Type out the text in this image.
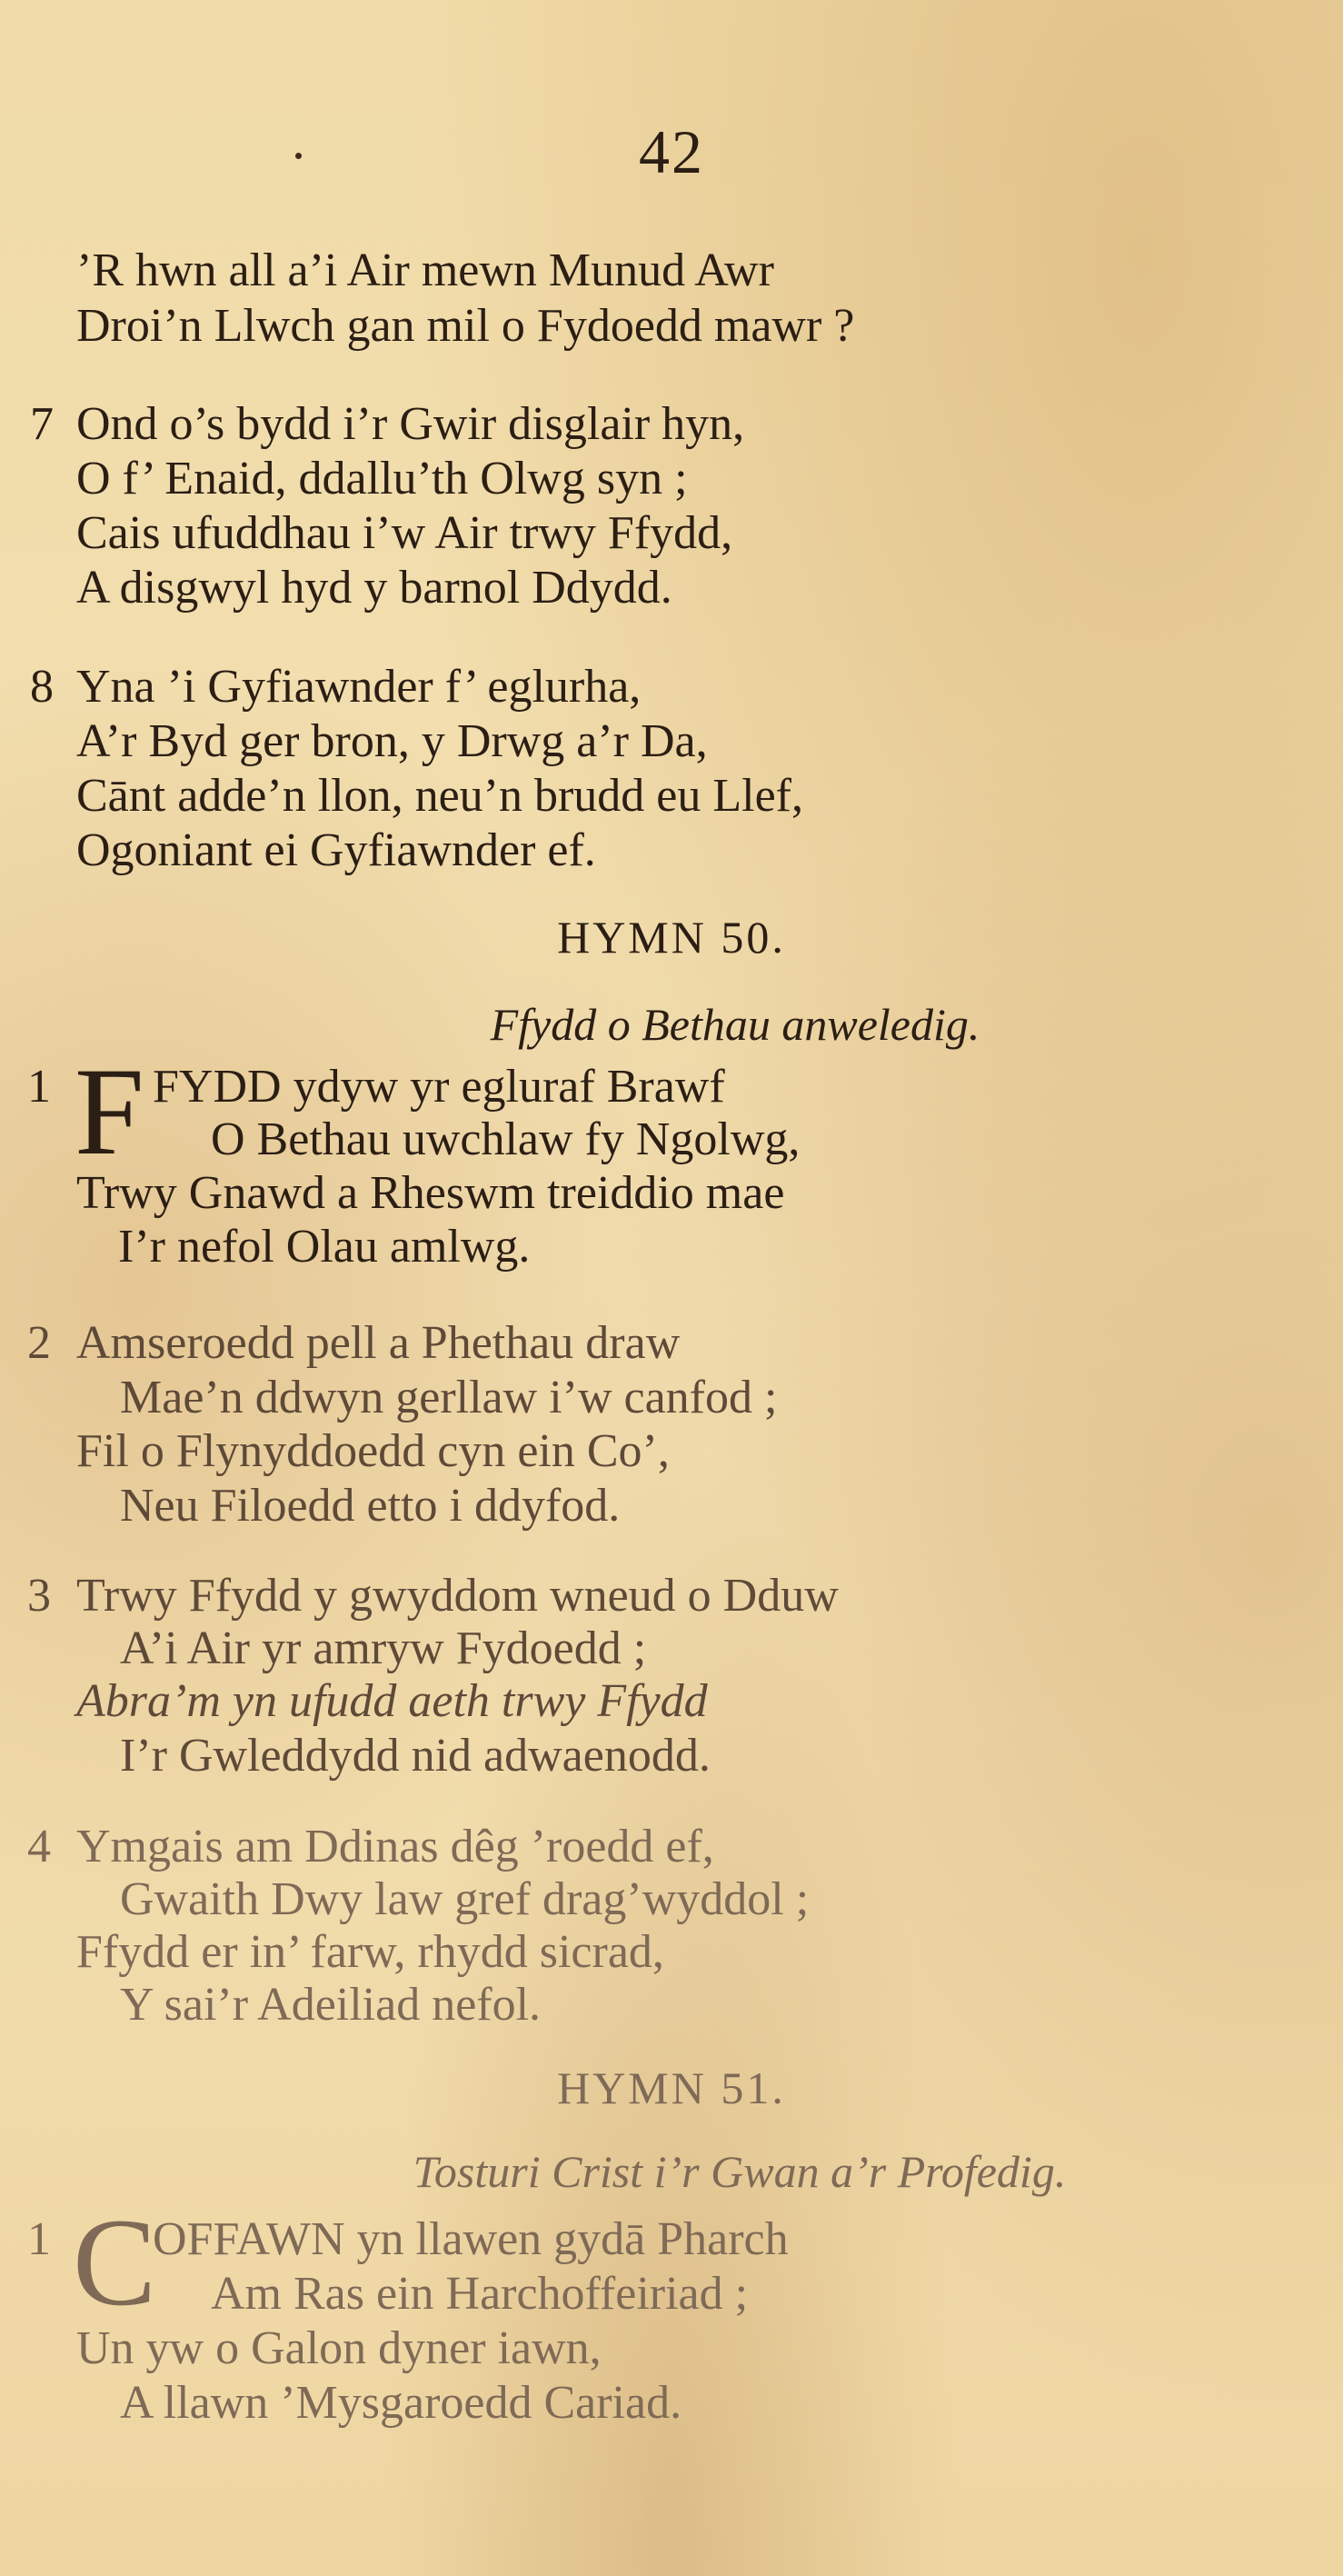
42
’R hwn all a’i Air mewn Munud Awr
Droi’n Llwch gan mil o Fydoedd mawr ?
7 Ond o’s bydd i’r Gwir disglair hyn,
O f’ Enaid, ddallu’th Olwg syn ;
Cais ufuddhau i’w Air trwy Ffydd,
A disgwyl hyd y barnol Ddydd.
8 Yna ’i Gyfiawnder f’ eglurha,
A’r Byd ger bron, y Drwg a’r Da,
Cānt adde’n llon, neu’n brudd eu Llef,
Ogoniant ei Gyfiawnder ef.
HYMN 50.
Ffydd o Bethau anweledig.
1 F FYDD ydyw yr egluraf Brawf
O Bethau uwchlaw fy Ngolwg,
Trwy Gnawd a Rheswm treiddio mae
I’r nefol Olau amlwg.
2 Amseroedd pell a Phethau draw
Mae’n ddwyn gerllaw i’w canfod ;
Fil o Flynyddoedd cyn ein Co’,
Neu Filoedd etto i ddyfod.
3 Trwy Ffydd y gwyddom wneud o Dduw
A’i Air yr amryw Fydoedd ;
Abra’m yn ufudd aeth trwy Ffydd
I’r Gwleddydd nid adwaenodd.
4 Ymgais am Ddinas dêg ’roedd ef,
Gwaith Dwy law gref drag’wyddol ;
Ffydd er in’ farw, rhydd sicrad,
Y sai’r Adeiliad nefol.
HYMN 51.
Tosturi Crist i’r Gwan a’r Profedig.
1 C
OFFAWN yn llawen gydā Pharch
Am Ras ein Harchoffeiriad ;
Un yw o Galon dyner iawn,
A llawn ’Mysgaroedd Cariad.
